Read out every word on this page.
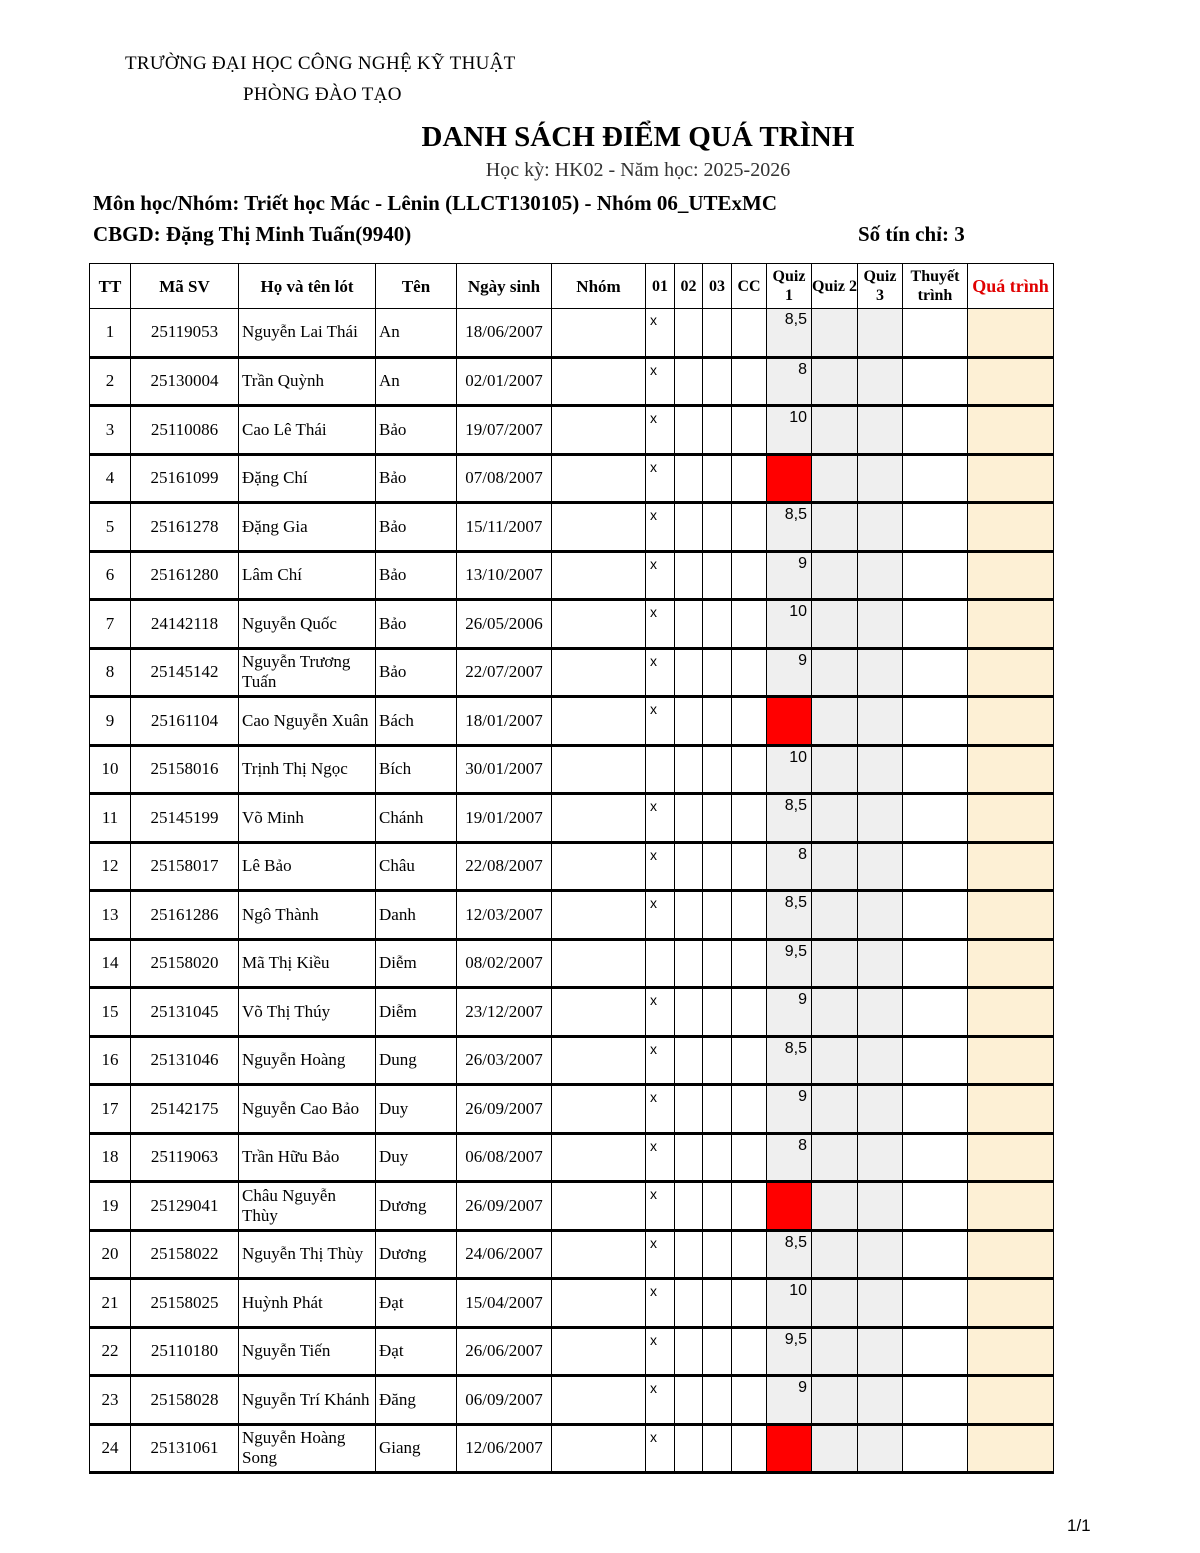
TRƯỜNG ĐẠI HỌC CÔNG NGHỆ KỸ THUẬT
PHÒNG ĐÀO TẠO
DANH SÁCH ĐIỂM QUÁ TRÌNH
Học kỳ: HK02 - Năm học: 2025-2026
Môn học/Nhóm: Triết học Mác - Lênin (LLCT130105) - Nhóm 06_UTExMC
CBGD: Đặng Thị Minh Tuấn(9940)	Số tín chỉ: 3
TT	Mã SV	Họ và tên lót	Tên	Ngày sinh	Nhóm	01	02	03	CC	Quiz 1	Quiz 2	Quiz 3	Thuyết trình	Quá trình
1	25119053	Nguyễn Lai Thái	An	18/06/2007		x				8,5				
2	25130004	Trần Quỳnh	An	02/01/2007		x				8				
3	25110086	Cao Lê Thái	Bảo	19/07/2007		x				10				
4	25161099	Đặng Chí	Bảo	07/08/2007		x								
5	25161278	Đặng Gia	Bảo	15/11/2007		x				8,5				
6	25161280	Lâm Chí	Bảo	13/10/2007		x				9				
7	24142118	Nguyễn Quốc	Bảo	26/05/2006		x				10				
8	25145142	Nguyễn Trương Tuấn	Bảo	22/07/2007		x				9				
9	25161104	Cao Nguyễn Xuân	Bách	18/01/2007		x								
10	25158016	Trịnh Thị Ngọc	Bích	30/01/2007						10				
11	25145199	Võ Minh	Chánh	19/01/2007		x				8,5				
12	25158017	Lê Bảo	Châu	22/08/2007		x				8				
13	25161286	Ngô Thành	Danh	12/03/2007		x				8,5				
14	25158020	Mã Thị Kiều	Diễm	08/02/2007						9,5				
15	25131045	Võ Thị Thúy	Diễm	23/12/2007		x				9				
16	25131046	Nguyễn Hoàng	Dung	26/03/2007		x				8,5				
17	25142175	Nguyễn Cao Bảo	Duy	26/09/2007		x				9				
18	25119063	Trần Hữu Bảo	Duy	06/08/2007		x				8				
19	25129041	Châu Nguyễn Thùy	Dương	26/09/2007		x								
20	25158022	Nguyễn Thị Thùy	Dương	24/06/2007		x				8,5				
21	25158025	Huỳnh Phát	Đạt	15/04/2007		x				10				
22	25110180	Nguyễn Tiến	Đạt	26/06/2007		x				9,5				
23	25158028	Nguyễn Trí Khánh	Đăng	06/09/2007		x				9				
24	25131061	Nguyễn Hoàng Song	Giang	12/06/2007		x								
1/1
